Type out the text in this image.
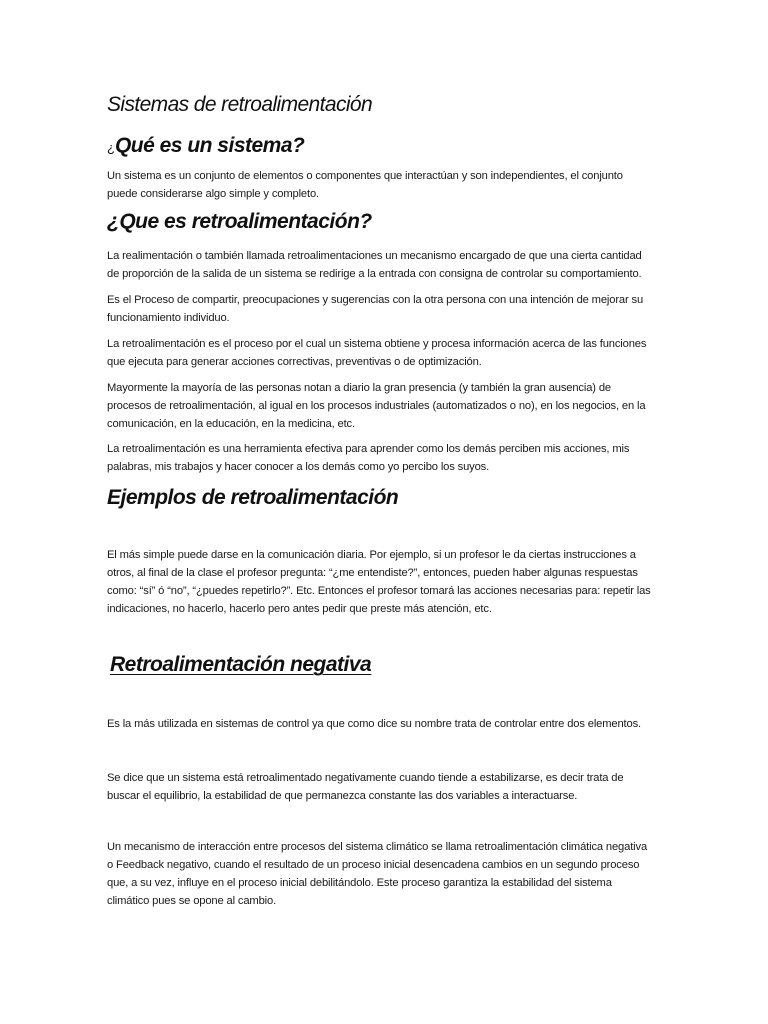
Sistemas de retroalimentación
¿Qué es un sistema?

Un sistema es un conjunto de elementos o componentes que interactúan y son independientes, el conjunto puede considerarse algo simple y completo.

¿Que es retroalimentación?

La realimentación o también llamada retroalimentaciones un mecanismo encargado de que una cierta cantidad de proporción de la salida de un sistema se redirige a la entrada con consigna de controlar su comportamiento.

Es el Proceso de compartir, preocupaciones y sugerencias con la otra persona con una intención de mejorar su funcionamiento individuo.

La retroalimentación es el proceso por el cual un sistema obtiene y procesa información acerca de las funciones que ejecuta para generar acciones correctivas, preventivas o de optimización.

Mayormente la mayoría de las personas notan a diario la gran presencia (y también la gran ausencia) de procesos de retroalimentación, al igual en los procesos industriales (automatizados o no), en los negocios, en la comunicación, en la educación, en la medicina, etc.

La retroalimentación es una herramienta efectiva para aprender como los demás perciben mis acciones, mis palabras, mis trabajos y hacer conocer a los demás como yo percibo los suyos.

Ejemplos de retroalimentación

El más simple puede darse en la comunicación diaria. Por ejemplo, si un profesor le da ciertas instrucciones a otros, al final de la clase el profesor pregunta: “¿me entendiste?”, entonces, pueden haber algunas respuestas como: “sí” ó “no”, “¿puedes repetirlo?”. Etc. Entonces el profesor tomará las acciones necesarias para: repetir las indicaciones, no hacerlo, hacerlo pero antes pedir que preste más atención, etc.

Retroalimentación negativa

Es la más utilizada en sistemas de control ya que como dice su nombre trata de controlar entre dos elementos.

Se dice que un sistema está retroalimentado negativamente cuando tiende a estabilizarse, es decir trata de buscar el equilibrio, la estabilidad de que permanezca constante las dos variables a interactuarse.

Un mecanismo de interacción entre procesos del sistema climático se llama retroalimentación climática negativa o Feedback negativo, cuando el resultado de un proceso inicial desencadena cambios en un segundo proceso que, a su vez, influye en el proceso inicial debilitándolo. Este proceso garantiza la estabilidad del sistema climático pues se opone al cambio.
